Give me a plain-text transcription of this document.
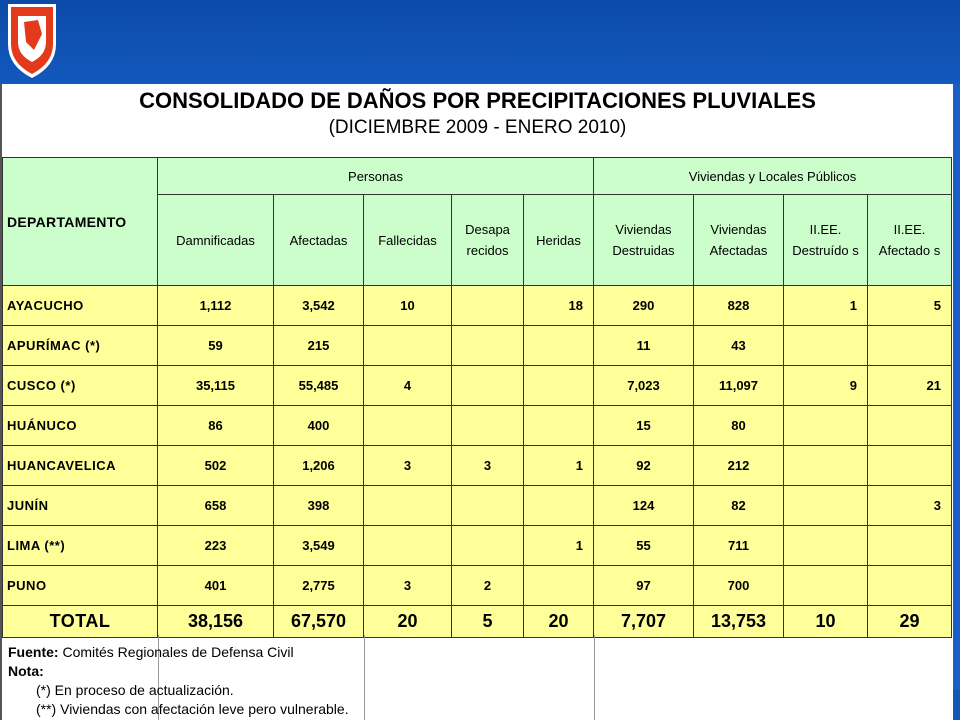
CONSOLIDADO DE DAÑOS POR PRECIPITACIONES PLUVIALES
(DICIEMBRE 2009 - ENERO 2010)
DEPARTAMENTO	Personas					Viviendas y Locales Públicos			
	Damnificadas	Afectadas	Fallecidas	Desapa recidos	Heridas	Viviendas Destruidas	Viviendas Afectadas	II.EE. Destruído s	II.EE. Afectado s
AYACUCHO	1,112	3,542	10		18	290	828	1	5
APURÍMAC (*)	59	215				11	43		
CUSCO (*)	35,115	55,485	4			7,023	11,097	9	21
HUÁNUCO	86	400				15	80		
HUANCAVELICA	502	1,206	3	3	1	92	212		
JUNÍN	658	398				124	82		3
LIMA (**)	223	3,549			1	55	711		
PUNO	401	2,775	3	2		97	700		
TOTAL	38,156	67,570	20	5	20	7,707	13,753	10	29
Fuente: Comités Regionales de Defensa Civil
Nota:
(*) En proceso de actualización.
(**) Viviendas con afectación leve pero vulnerable.
